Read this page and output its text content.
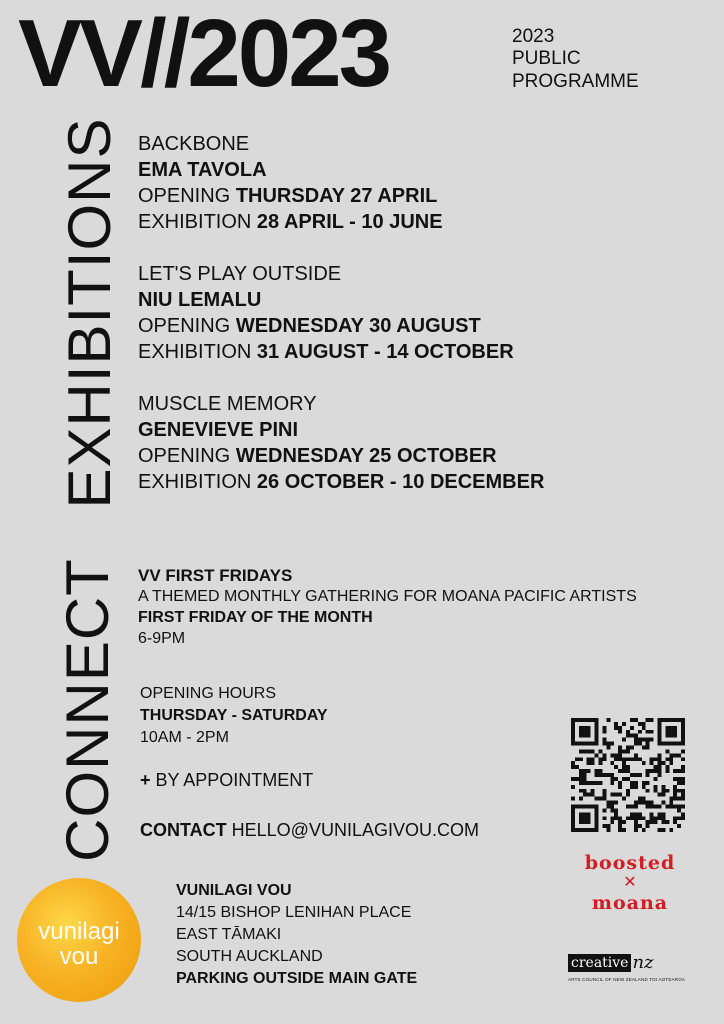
VV//2023	2023
PUBLIC
PROGRAMME
EXHIBITIONS
CONNECT
BACKBONE
EMA TAVOLA
OPENING THURSDAY 27 APRIL
EXHIBITION 28 APRIL - 10 JUNE
LET'S PLAY OUTSIDE
NIU LEMALU
OPENING WEDNESDAY 30 AUGUST
EXHIBITION 31 AUGUST - 14 OCTOBER
MUSCLE MEMORY
GENEVIEVE PINI
OPENING WEDNESDAY 25 OCTOBER
EXHIBITION 26 OCTOBER - 10 DECEMBER
VV FIRST FRIDAYS
A THEMED MONTHLY GATHERING FOR MOANA PACIFIC ARTISTS
FIRST FRIDAY OF THE MONTH
6-9PM
OPENING HOURS
THURSDAY - SATURDAY
10AM - 2PM
+ BY APPOINTMENT
CONTACT HELLO@VUNILAGIVOU.COM
vunilagi
vou
VUNILAGI VOU
14/15 BISHOP LENIHAN PLACE
EAST TĀMAKI
SOUTH AUCKLAND
PARKING OUTSIDE MAIN GATE
boosted
✕
moana
creative nz
ARTS COUNCIL OF NEW ZEALAND TOI AOTEAROA
